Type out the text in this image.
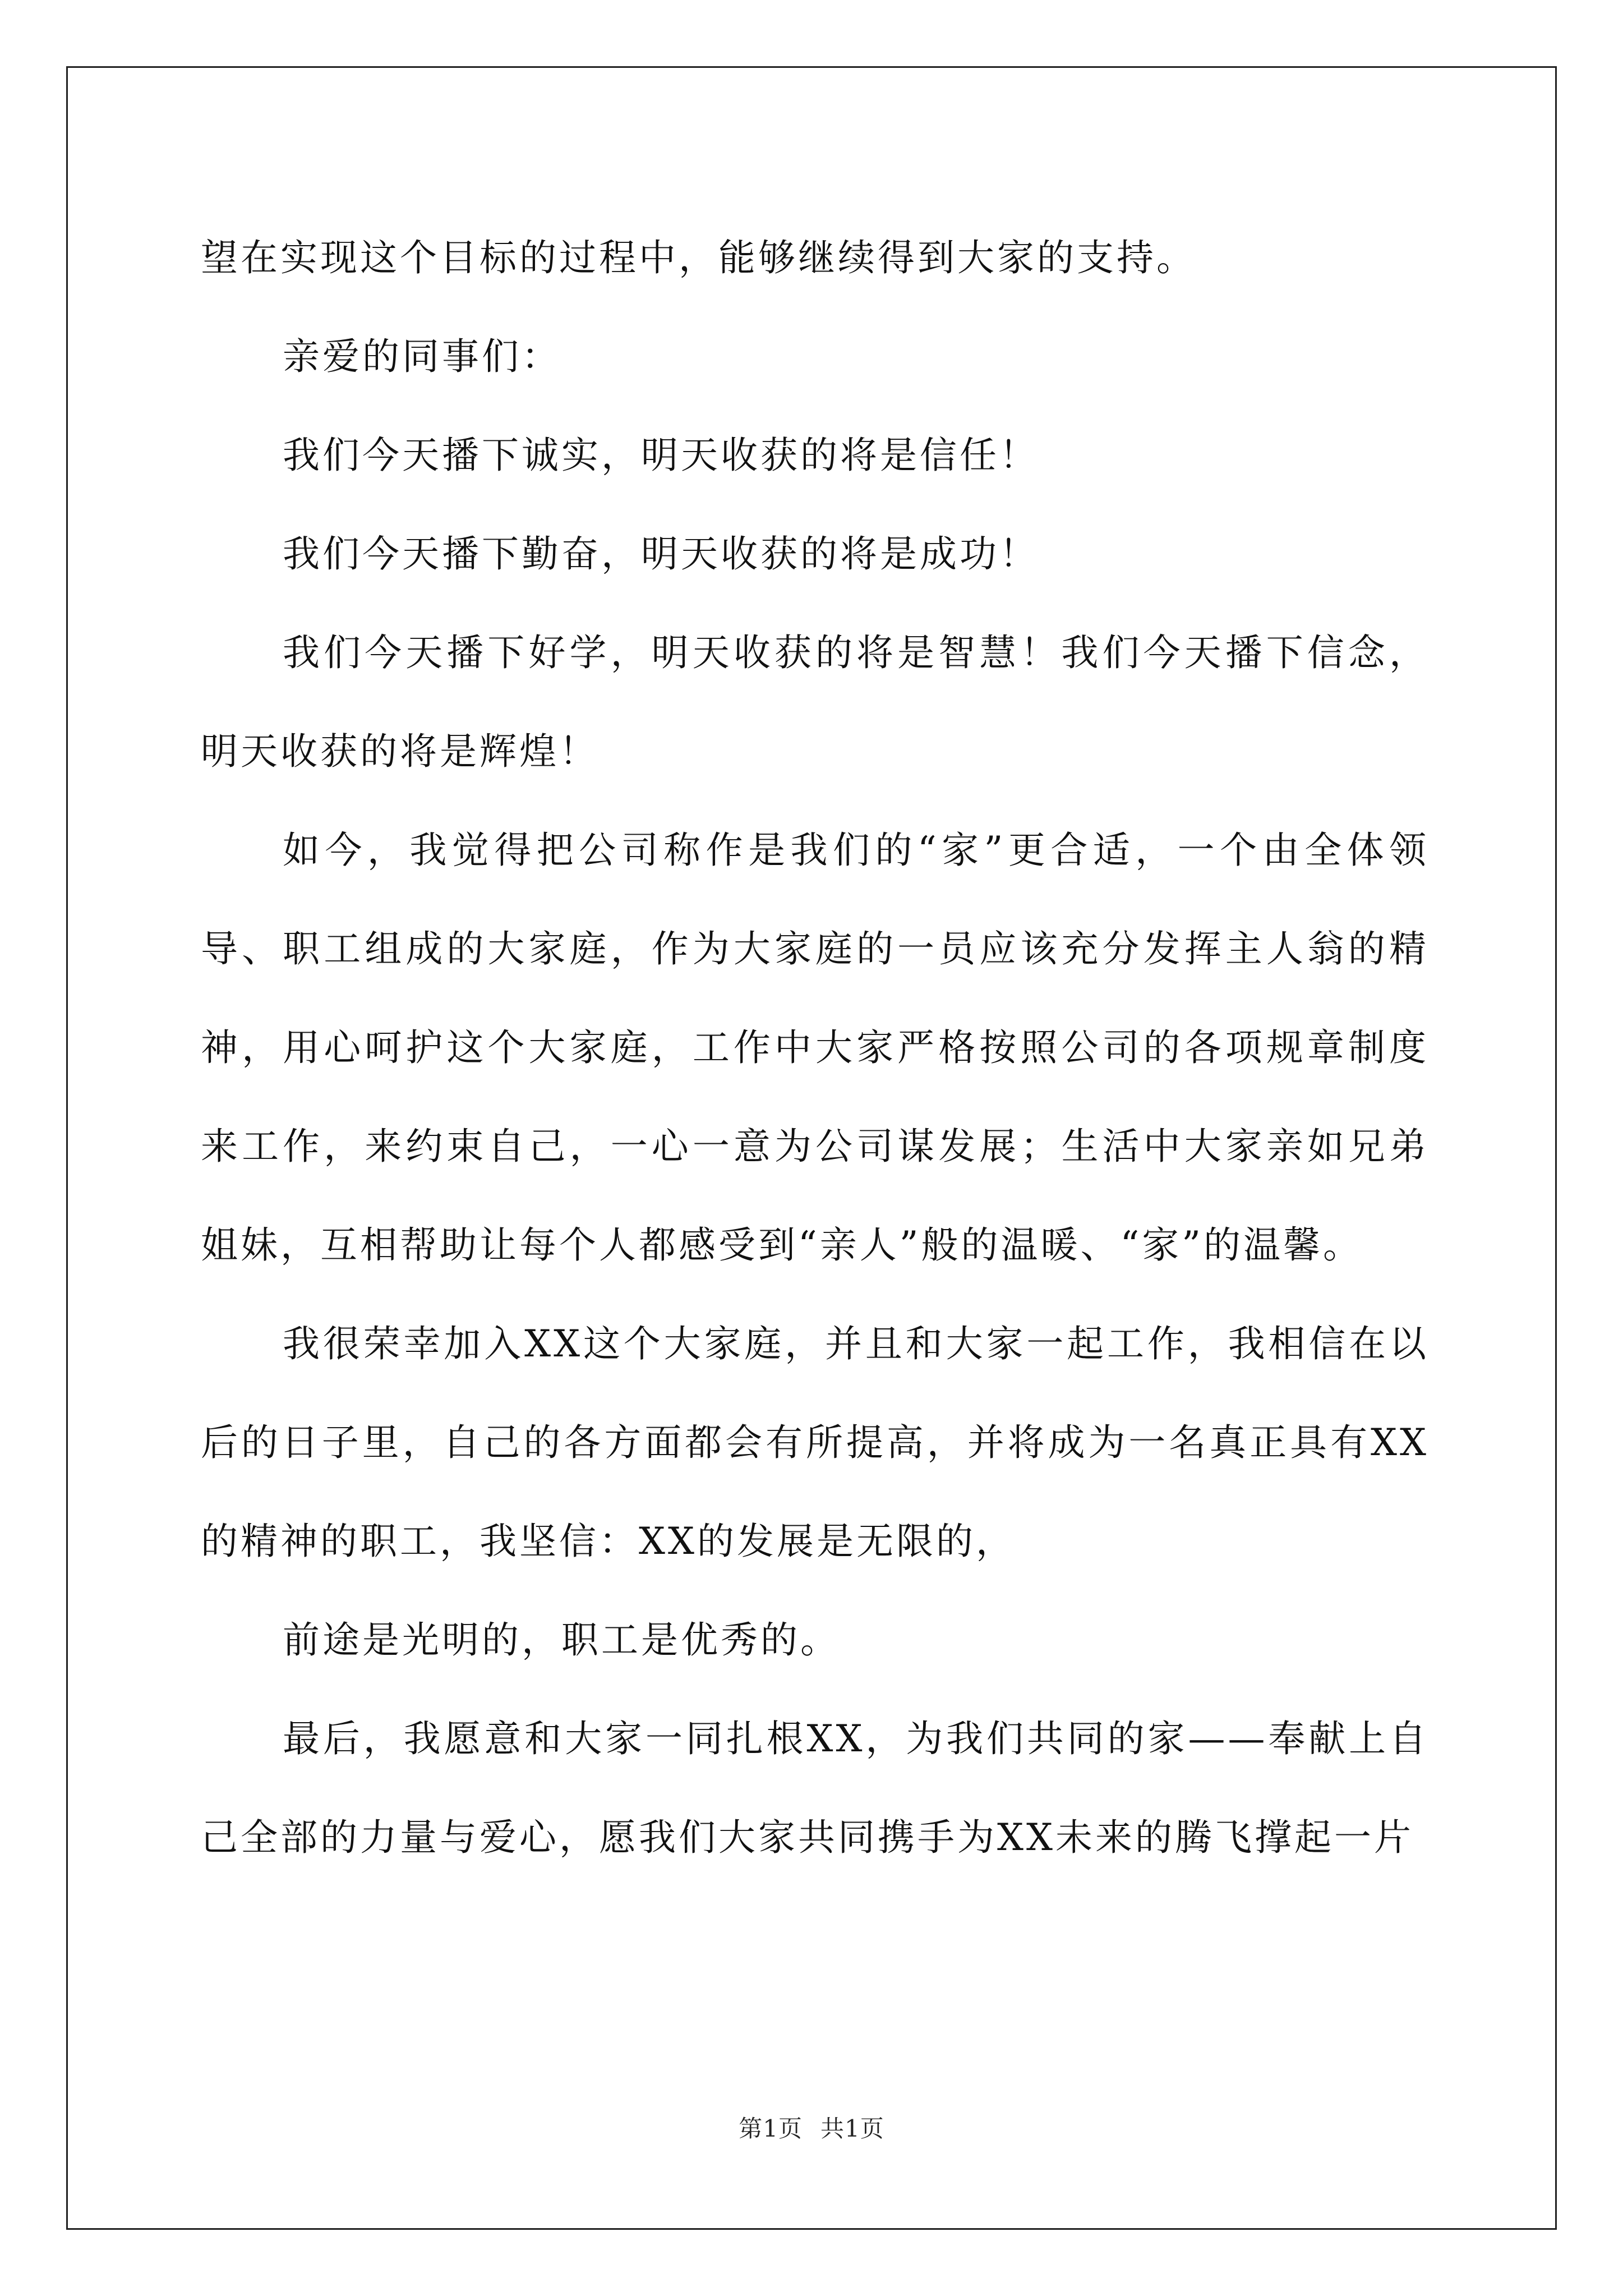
望在实现这个目标的过程中，能够继续得到大家的支持。

亲爱的同事们：

我们今天播下诚实，明天收获的将是信任！

我们今天播下勤奋，明天收获的将是成功！

我们今天播下好学，明天收获的将是智慧！我们今天播下信念，明天收获的将是辉煌！

如今，我觉得把公司称作是我们的“家”更合适，一个由全体领导、职工组成的大家庭，作为大家庭的一员应该充分发挥主人翁的精神，用心呵护这个大家庭，工作中大家严格按照公司的各项规章制度来工作，来约束自己，一心一意为公司谋发展；生活中大家亲如兄弟姐妹，互相帮助让每个人都感受到“亲人”般的温暖、“家”的温馨。

我很荣幸加入XX这个大家庭，并且和大家一起工作，我相信在以后的日子里，自己的各方面都会有所提高，并将成为一名真正具有XX的精神的职工，我坚信：XX的发展是无限的，

前途是光明的，职工是优秀的。

最后，我愿意和大家一同扎根XX，为我们共同的家——奉献上自己全部的力量与爱心，愿我们大家共同携手为XX未来的腾飞撑起一片

第1页 共1页
